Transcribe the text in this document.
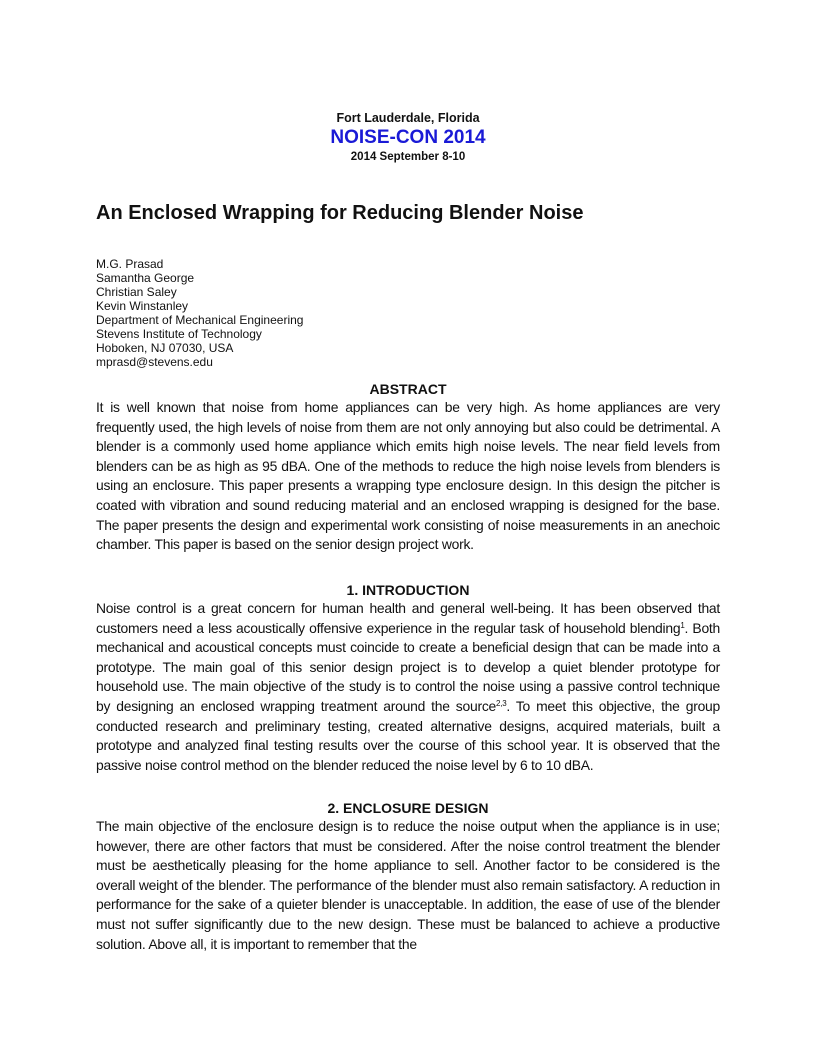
Fort Lauderdale, Florida
NOISE-CON 2014
2014 September 8-10
An Enclosed Wrapping for Reducing Blender Noise
M.G. Prasad
Samantha George
Christian Saley
Kevin Winstanley
Department of Mechanical Engineering
Stevens Institute of Technology
Hoboken, NJ 07030, USA
mprasd@stevens.edu
ABSTRACT

It is well known that noise from home appliances can be very high. As home appliances are very frequently used, the high levels of noise from them are not only annoying but also could be detrimental. A blender is a commonly used home appliance which emits high noise levels. The near field levels from blenders can be as high as 95 dBA. One of the methods to reduce the high noise levels from blenders is using an enclosure. This paper presents a wrapping type enclosure design. In this design the pitcher is coated with vibration and sound reducing material and an enclosed wrapping is designed for the base. The paper presents the design and experimental work consisting of noise measurements in an anechoic chamber. This paper is based on the senior design project work.

1. INTRODUCTION

Noise control is a great concern for human health and general well-being. It has been observed that customers need a less acoustically offensive experience in the regular task of household blending$^1$. Both mechanical and acoustical concepts must coincide to create a beneficial design that can be made into a prototype. The main goal of this senior design project is to develop a quiet blender prototype for household use. The main objective of the study is to control the noise using a passive control technique by designing an enclosed wrapping treatment around the source$^{2,3}$. To meet this objective, the group conducted research and preliminary testing, created alternative designs, acquired materials, built a prototype and analyzed final testing results over the course of this school year. It is observed that the passive noise control method on the blender reduced the noise level by 6 to 10 dBA.

2. ENCLOSURE DESIGN

The main objective of the enclosure design is to reduce the noise output when the appliance is in use; however, there are other factors that must be considered. After the noise control treatment the blender must be aesthetically pleasing for the home appliance to sell. Another factor to be considered is the overall weight of the blender. The performance of the blender must also remain satisfactory. A reduction in performance for the sake of a quieter blender is unacceptable. In addition, the ease of use of the blender must not suffer significantly due to the new design. These must be balanced to achieve a productive solution. Above all, it is important to remember that the
